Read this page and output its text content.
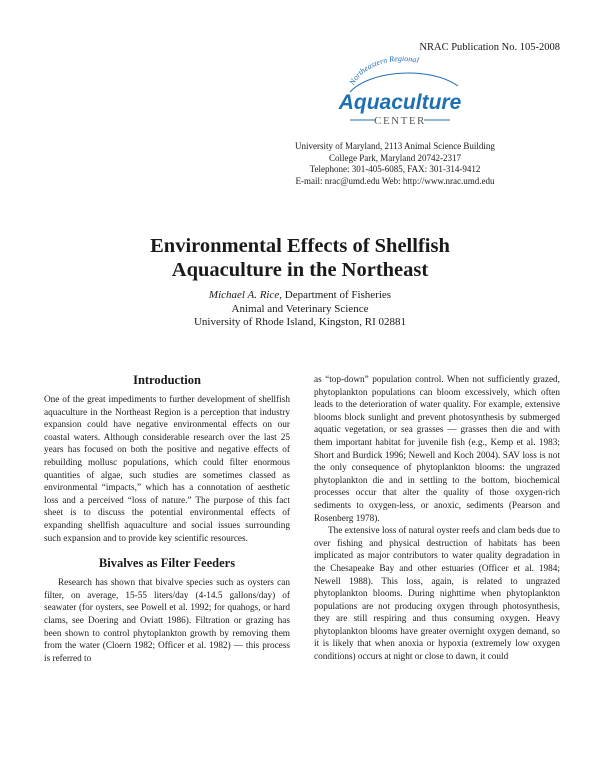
NRAC Publication No. 105-2008
Northeastern Regional
Aquaculture
CENTER
University of Maryland, 2113 Animal Science Building
College Park, Maryland 20742-2317
Telephone: 301-405-6085, FAX: 301-314-9412
E-mail: nrac@umd.edu Web: http://www.nrac.umd.edu
Environmental Effects of Shellfish
Aquaculture in the Northeast
Michael A. Rice, Department of Fisheries
Animal and Veterinary Science
University of Rhode Island, Kingston, RI 02881
Introduction

One of the great impediments to further development of shellfish aquaculture in the Northeast Region is a perception that industry expansion could have negative environmental effects on our coastal waters. Although considerable research over the last 25 years has focused on both the positive and negative effects of rebuilding mollusc populations, which could filter enormous quantities of algae, such studies are sometimes classed as environmental “impacts,” which has a connotation of aesthetic loss and a perceived “loss of nature.” The purpose of this fact sheet is to discuss the potential environmental effects of expanding shellfish aquaculture and social issues surrounding such expansion and to provide key scientific resources.

Bivalves as Filter Feeders

Research has shown that bivalve species such as oysters can filter, on average, 15-55 liters/day (4-14.5 gallons/day) of seawater (for oysters, see Powell et al. 1992; for quahogs, or hard clams, see Doering and Oviatt 1986). Filtration or grazing has been shown to control phytoplankton growth by removing them from the water (Cloern 1982; Officer et al. 1982) — this process is referred to

as “top-down” population control. When not sufficiently grazed, phytoplankton populations can bloom excessively, which often leads to the deterioration of water quality. For example, extensive blooms block sunlight and prevent photosynthesis by submerged aquatic vegetation, or sea grasses — grasses then die and with them important habitat for juvenile fish (e.g., Kemp et al. 1983; Short and Burdick 1996; Newell and Koch 2004). SAV loss is not the only consequence of phytoplankton blooms: the ungrazed phytoplankton die and in settling to the bottom, biochemical processes occur that alter the quality of those oxygen-rich sediments to oxygen-less, or anoxic, sediments (Pearson and Rosenberg 1978).

The extensive loss of natural oyster reefs and clam beds due to over fishing and physical destruction of habitats has been implicated as major contributors to water quality degradation in the Chesapeake Bay and other estuaries (Officer et al. 1984; Newell 1988). This loss, again, is related to ungrazed phytoplankton blooms. During nighttime when phytoplankton populations are not producing oxygen through photosynthesis, they are still respiring and thus consuming oxygen. Heavy phytoplankton blooms have greater overnight oxygen demand, so it is likely that when anoxia or hypoxia (extremely low oxygen conditions) occurs at night or close to dawn, it could
